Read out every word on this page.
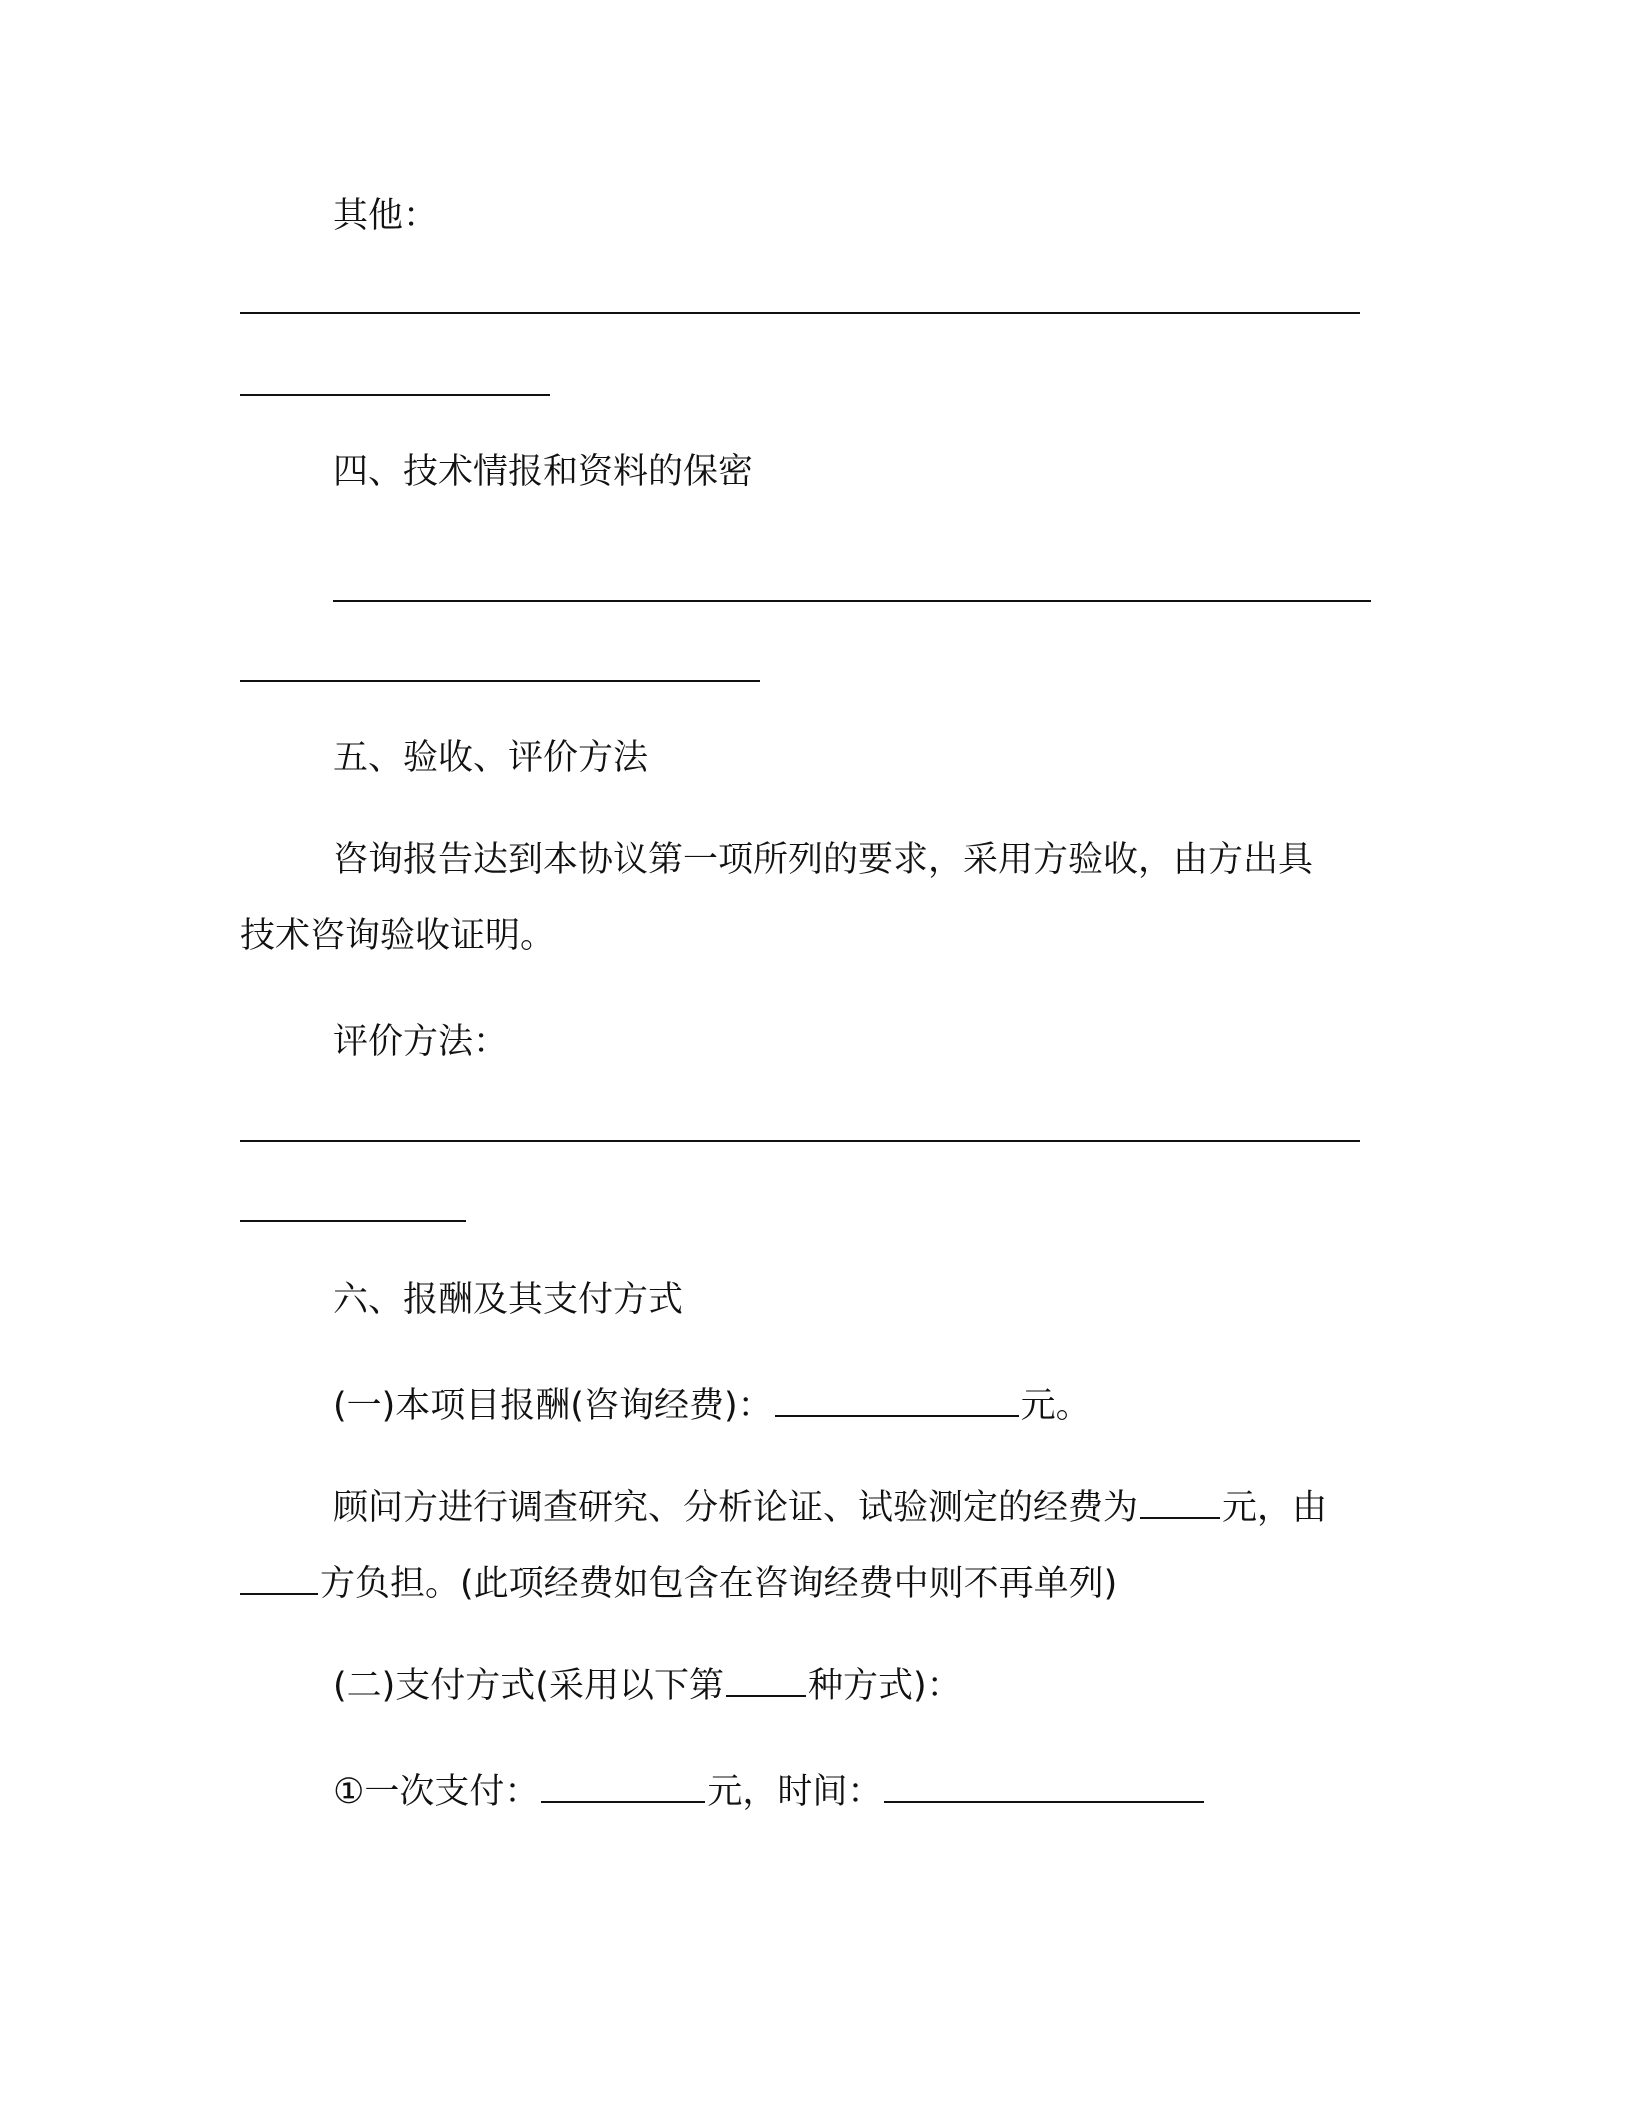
其他：
四、技术情报和资料的保密
五、验收、评价方法
咨询报告达到本协议第一项所列的要求，采用方验收，由方出具
技术咨询验收证明。
评价方法：
六、报酬及其支付方式
(一)本项目报酬(咨询经费)：	元。
顾问方进行调查研究、分析论证、试验测定的经费为 元，由
方负担。(此项经费如包含在咨询经费中则不再单列)
(二)支付方式(采用以下第 种方式)：
①一次支付：	元，时间：
